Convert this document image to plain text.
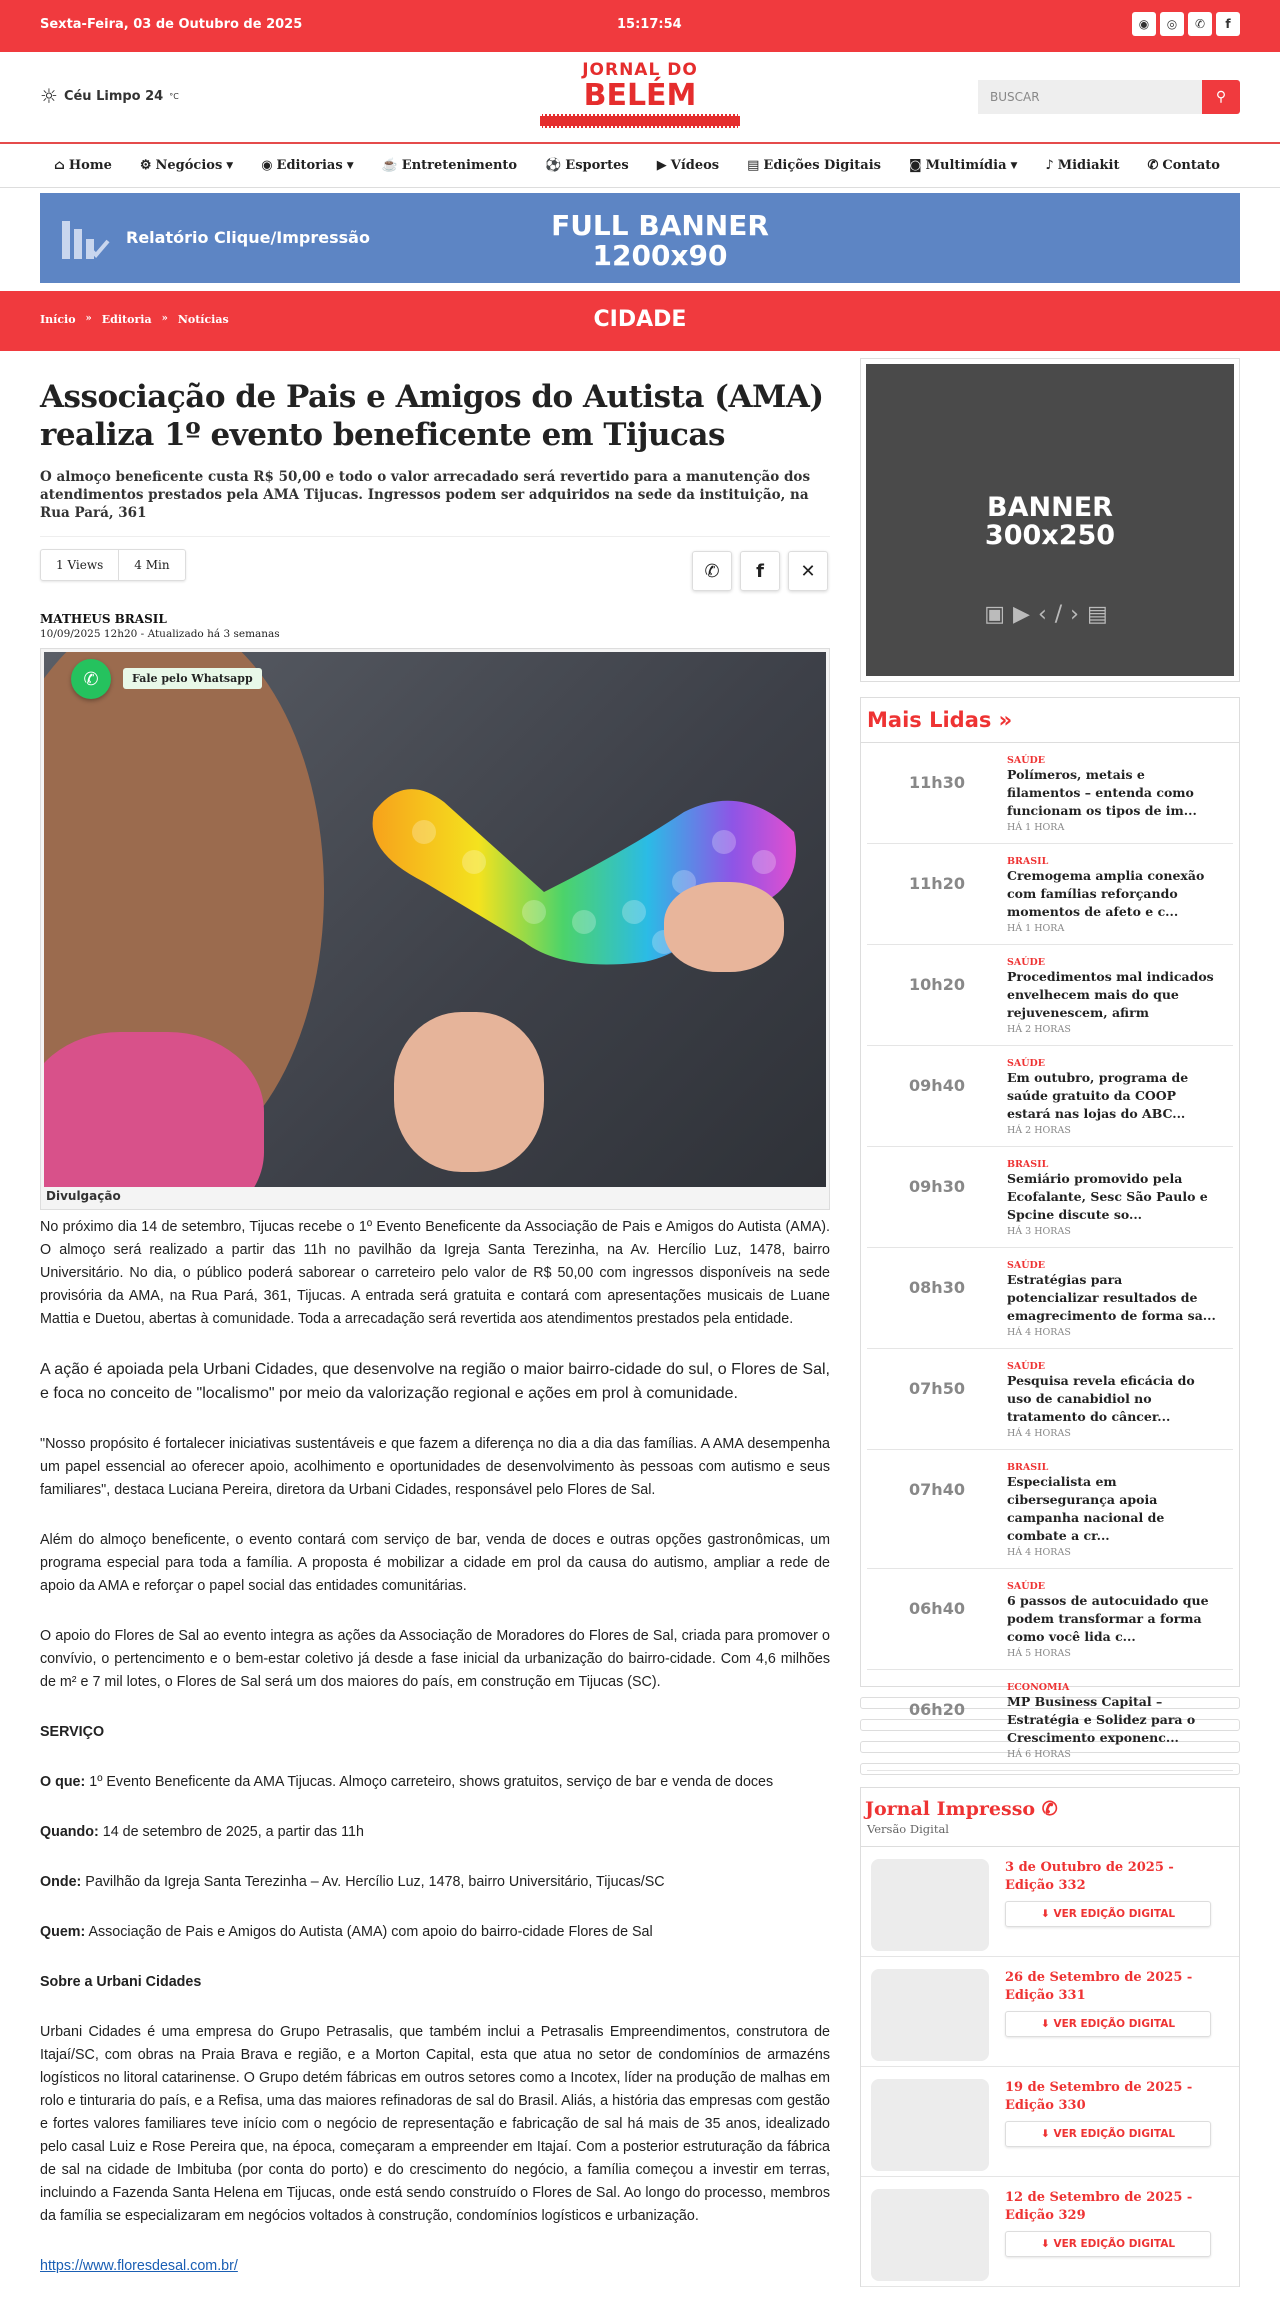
Sexta-Feira, 03 de Outubro de 2025	15:17:54	◉	◎	✆	f
☼ Céu Limpo 24 °C
JORNAL DO
BELÉM	BUSCAR	⚲
⌂ Home ⚙ Negócios ▼ ◉ Editorias ▼ ☕ Entretenimento ⚽ Esportes ▶ Vídeos ▤ Edições Digitais ◙ Multimídia ▼ ♪ Midiakit ✆ Contato
Relatório Clique/Impressão	FULL BANNER
1200x90
CIDADE
Início » Editoria » Notícias
Associação de Pais e Amigos do Autista (AMA) realiza 1º evento beneficente em Tijucas
O almoço beneficente custa R$ 50,00 e todo o valor arrecadado será revertido para a manutenção dos atendimentos prestados pela AMA Tijucas. Ingressos podem ser adquiridos na sede da instituição, na Rua Pará, 361
1 Views	4 Min	✆ f ✕
MATHEUS BRASIL
10/09/2025 12h20 - Atualizado há 3 semanas
✆	Fale pelo Whatsapp
Divulgação

No próximo dia 14 de setembro, Tijucas recebe o 1º Evento Beneficente da Associação de Pais e Amigos do Autista (AMA). O almoço será realizado a partir das 11h no pavilhão da Igreja Santa Terezinha, na Av. Hercílio Luz, 1478, bairro Universitário. No dia, o público poderá saborear o carreteiro pelo valor de R$ 50,00 com ingressos disponíveis na sede provisória da AMA, na Rua Pará, 361, Tijucas. A entrada será gratuita e contará com apresentações musicais de Luane Mattia e Duetou, abertas à comunidade. Toda a arrecadação será revertida aos atendimentos prestados pela entidade.

A ação é apoiada pela Urbani Cidades, que desenvolve na região o maior bairro-cidade do sul, o Flores de Sal, e foca no conceito de "localismo" por meio da valorização regional e ações em prol à comunidade.

"Nosso propósito é fortalecer iniciativas sustentáveis e que fazem a diferença no dia a dia das famílias. A AMA desempenha um papel essencial ao oferecer apoio, acolhimento e oportunidades de desenvolvimento às pessoas com autismo e seus familiares", destaca Luciana Pereira, diretora da Urbani Cidades, responsável pelo Flores de Sal.

Além do almoço beneficente, o evento contará com serviço de bar, venda de doces e outras opções gastronômicas, um programa especial para toda a família. A proposta é mobilizar a cidade em prol da causa do autismo, ampliar a rede de apoio da AMA e reforçar o papel social das entidades comunitárias.

O apoio do Flores de Sal ao evento integra as ações da Associação de Moradores do Flores de Sal, criada para promover o convívio, o pertencimento e o bem-estar coletivo já desde a fase inicial da urbanização do bairro-cidade. Com 4,6 milhões de m² e 7 mil lotes, o Flores de Sal será um dos maiores do país, em construção em Tijucas (SC).

SERVIÇO

O que: 1º Evento Beneficente da AMA Tijucas. Almoço carreteiro, shows gratuitos, serviço de bar e venda de doces

Quando: 14 de setembro de 2025, a partir das 11h

Onde: Pavilhão da Igreja Santa Terezinha – Av. Hercílio Luz, 1478, bairro Universitário, Tijucas/SC

Quem: Associação de Pais e Amigos do Autista (AMA) com apoio do bairro-cidade Flores de Sal

Sobre a Urbani Cidades

Urbani Cidades é uma empresa do Grupo Petrasalis, que também inclui a Petrasalis Empreendimentos, construtora de Itajaí/SC, com obras na Praia Brava e região, e a Morton Capital, esta que atua no setor de condomínios de armazéns logísticos no litoral catarinense. O Grupo detém fábricas em outros setores como a Incotex, líder na produção de malhas em rolo e tinturaria do país, e a Refisa, uma das maiores refinadoras de sal do Brasil. Aliás, a história das empresas com gestão e fortes valores familiares teve início com o negócio de representação e fabricação de sal há mais de 35 anos, idealizado pelo casal Luiz e Rose Pereira que, na época, começaram a empreender em Itajaí. Com a posterior estruturação da fábrica de sal na cidade de Imbituba (por conta do porto) e do crescimento do negócio, a família começou a investir em terras, incluindo a Fazenda Santa Helena em Tijucas, onde está sendo construído o Flores de Sal. Ao longo do processo, membros da família se especializaram em negócios voltados à construção, condomínios logísticos e urbanização.

https://www.floresdesal.com.br/

BANNER
300x250
▣▶‹/›▤
Mais Lidas »
11h30
SAÚDE
Polímeros, metais e filamentos – entenda como funcionam os tipos de im...
HÁ 1 HORA
11h20
BRASIL
Cremogema amplia conexão com famílias reforçando momentos de afeto e c...
HÁ 1 HORA
10h20
SAÚDE
Procedimentos mal indicados envelhecem mais do que rejuvenescem, afirm
HÁ 2 HORAS
09h40
SAÚDE
Em outubro, programa de saúde gratuito da COOP estará nas lojas do ABC...
HÁ 2 HORAS
09h30
BRASIL
Semiário promovido pela Ecofalante, Sesc São Paulo e Spcine discute so...
HÁ 3 HORAS
08h30
SAÚDE
Estratégias para potencializar resultados de emagrecimento de forma sa...
HÁ 4 HORAS
07h50
SAÚDE
Pesquisa revela eficácia do uso de canabidiol no tratamento do câncer...
HÁ 4 HORAS
07h40
BRASIL
Especialista em cibersegurança apoia campanha nacional de combate a cr...
HÁ 4 HORAS
06h40
SAÚDE
6 passos de autocuidado que podem transformar a forma como você lida c...
HÁ 5 HORAS
06h20
ECONOMIA
MP Business Capital – Estratégia e Solidez para o Crescimento exponenc...
HÁ 6 HORAS
Jornal Impresso ✆
Versão Digital
3 de Outubro de 2025 - Edição 332
⬇ VER EDIÇÃO DIGITAL
26 de Setembro de 2025 - Edição 331
⬇ VER EDIÇÃO DIGITAL
19 de Setembro de 2025 - Edição 330
⬇ VER EDIÇÃO DIGITAL
12 de Setembro de 2025 - Edição 329
⬇ VER EDIÇÃO DIGITAL
